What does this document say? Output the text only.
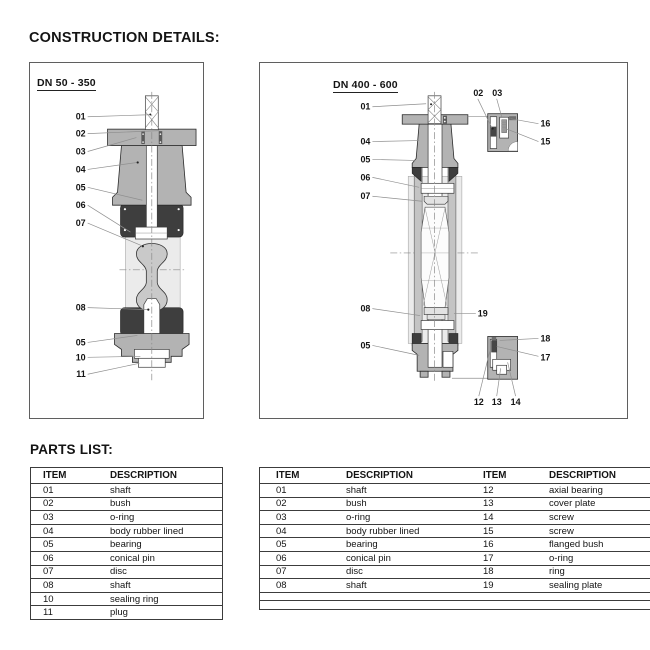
CONSTRUCTION DETAILS:
01
02
03
04
05
06
07
08
05
10
11
DN 50 - 350
01
04
05
06
07
08
05
02 03
16
15
19
18
17
12 13 14
DN 400 - 600
PARTS LIST:
ITEM	DESCRIPTION
01	shaft
02	bush
03	o-ring
04	body rubber lined
05	bearing
06	conical pin
07	disc
08	shaft
10	sealing ring
11	plug
ITEM	DESCRIPTION	ITEM	DESCRIPTION
01	shaft	12	axial bearing
02	bush	13	cover plate
03	o-ring	14	screw
04	body rubber lined	15	screw
05	bearing	16	flanged bush
06	conical pin	17	o-ring
07	disc	18	ring
08	shaft	19	sealing plate
